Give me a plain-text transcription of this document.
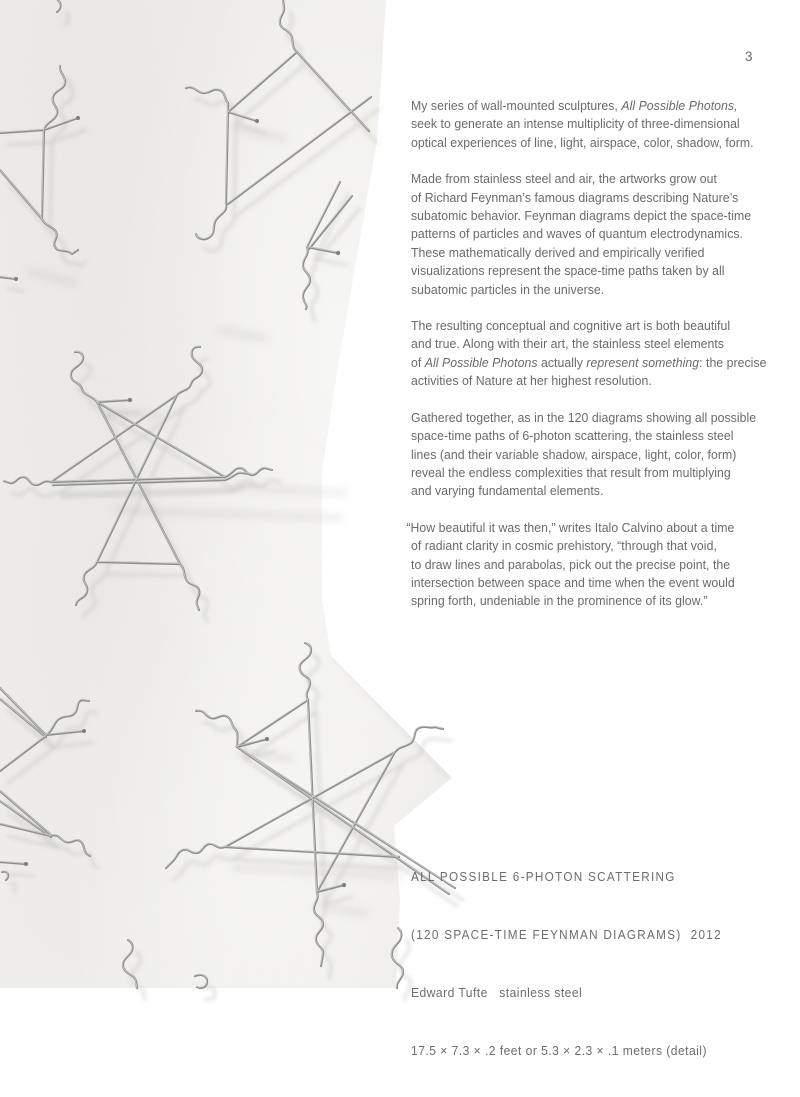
3
My series of wall-mounted sculptures, All Possible Photons,
seek to generate an intense multiplicity of three-dimensional
optical experiences of line, light, airspace, color, shadow, form.
Made from stainless steel and air, the artworks grow out
of Richard Feynman’s famous diagrams describing Nature’s
subatomic behavior. Feynman diagrams depict the space-time
patterns of particles and waves of quantum electrodynamics.
These mathematically derived and empirically verified
visualizations represent the space-time paths taken by all
subatomic particles in the universe.
The resulting conceptual and cognitive art is both beautiful
and true. Along with their art, the stainless steel elements
of All Possible Photons actually represent something: the precise
activities of Nature at her highest resolution.
Gathered together, as in the 120 diagrams showing all possible
space-time paths of 6-photon scattering, the stainless steel
lines (and their variable shadow, airspace, light, color, form)
reveal the endless complexities that result from multiplying
and varying fundamental elements.
“How beautiful it was then,” writes Italo Calvino about a time
of radiant clarity in cosmic prehistory, “through that void,
to draw lines and parabolas, pick out the precise point, the
intersection between space and time when the event would
spring forth, undeniable in the prominence of its glow.”

ALL POSSIBLE 6-PHOTON SCATTERING

(120 SPACE-TIME FEYNMAN DIAGRAMS)  2012

Edward Tufte   stainless steel

17.5 × 7.3 × .2 feet or 5.3 × 2.3 × .1 meters (detail)
